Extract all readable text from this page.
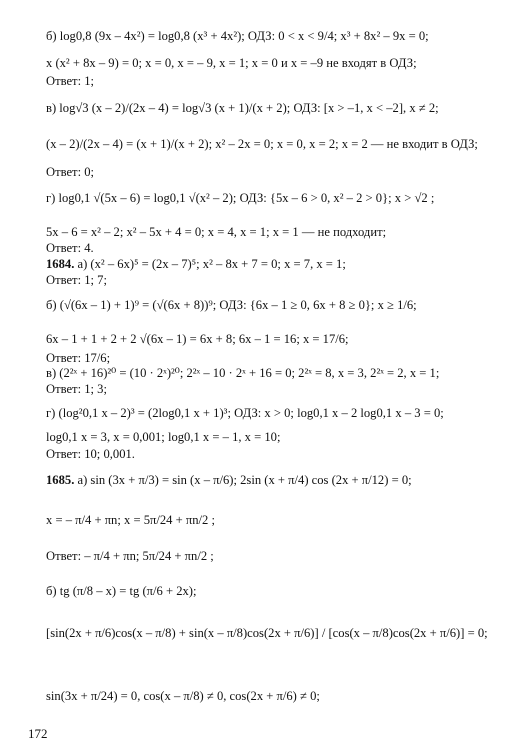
б) log0,8 (9x – 4x²) = log0,8 (x³ + 4x²); ОДЗ: 0 < x < 9/4; x³ + 8x² – 9x = 0;
x (x² + 8x – 9) = 0; x = 0, x = – 9, x = 1; x = 0 и x = –9 не входят в ОДЗ;
Ответ: 1;
в) log√3 (x – 2)/(2x – 4) = log√3 (x + 1)/(x + 2); ОДЗ: [x > –1, x < –2], x ≠ 2;
(x – 2)/(2x – 4) = (x + 1)/(x + 2); x² – 2x = 0; x = 0, x = 2; x = 2 — не входит в ОДЗ;
Ответ: 0;
г) log0,1 √(5x – 6) = log0,1 √(x² – 2); ОДЗ: {5x – 6 > 0, x² – 2 > 0}; x > √2 ;
5x – 6 = x² – 2; x² – 5x + 4 = 0; x = 4, x = 1; x = 1 — не подходит;
Ответ: 4.
1684. а) (x² – 6x)⁵ = (2x – 7)⁵; x² – 8x + 7 = 0; x = 7, x = 1;
Ответ: 1; 7;
б) (√(6x – 1) + 1)⁹ = (√(6x + 8))⁹; ОДЗ: {6x – 1 ≥ 0, 6x + 8 ≥ 0}; x ≥ 1/6;
6x – 1 + 1 + 2 + 2 √(6x – 1) = 6x + 8; 6x – 1 = 16; x = 17/6;
Ответ: 17/6;
в) (2²ˣ + 16)²⁰ = (10 · 2ˣ)²⁰; 2²ˣ – 10 · 2ˣ + 16 = 0; 2²ˣ = 8, x = 3, 2²ˣ = 2, x = 1;
Ответ: 1; 3;
г) (log²0,1 x – 2)³ = (2log0,1 x + 1)³; ОДЗ: x > 0; log0,1 x – 2 log0,1 x – 3 = 0;
log0,1 x = 3, x = 0,001; log0,1 x = – 1, x = 10;
Ответ: 10; 0,001.
1685. а) sin (3x + π/3) = sin (x – π/6); 2sin (x + π/4) cos (2x + π/12) = 0;
x = – π/4 + πn; x = 5π/24 + πn/2 ;
Ответ: – π/4 + πn; 5π/24 + πn/2 ;
б) tg (π/8 – x) = tg (π/6 + 2x);
[sin(2x + π/6)cos(x – π/8) + sin(x – π/8)cos(2x + π/6)] / [cos(x – π/8)cos(2x + π/6)] = 0;
sin(3x + π/24) = 0, cos(x – π/8) ≠ 0, cos(2x + π/6) ≠ 0;
172
